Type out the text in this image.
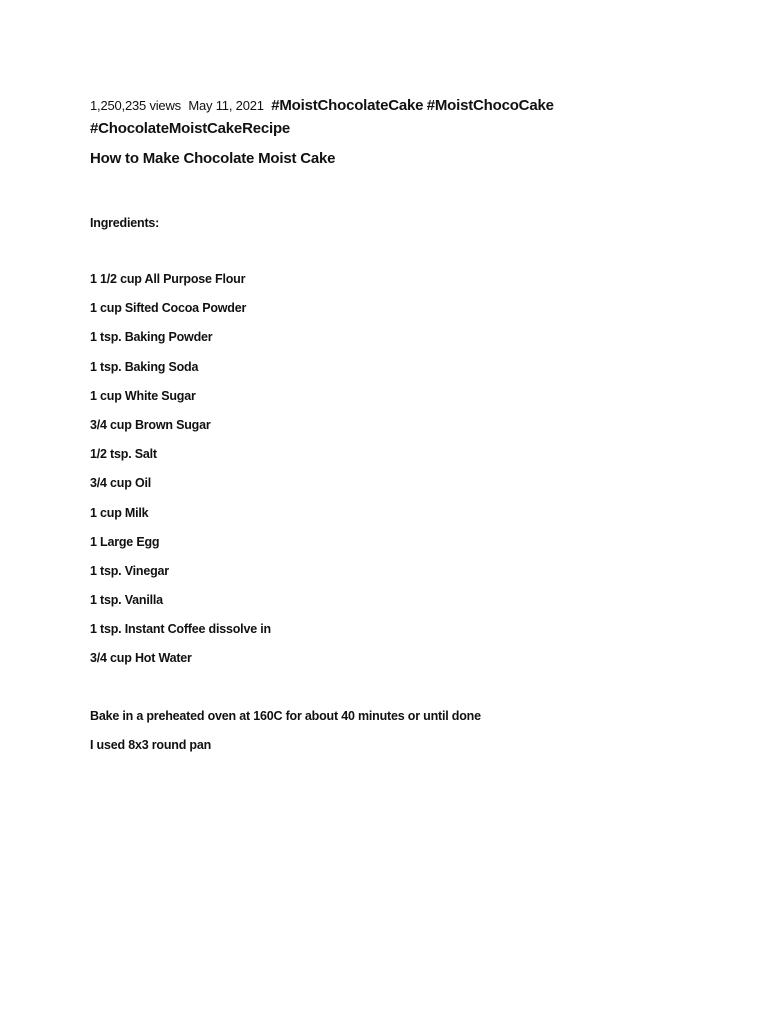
1,250,235 views May 11, 2021 #MoistChocolateCake #MoistChocoCake
#ChocolateMoistCakeRecipe
How to Make Chocolate Moist Cake
Ingredients:
1 1/2 cup All Purpose Flour
1 cup Sifted Cocoa Powder
1 tsp. Baking Powder
1 tsp. Baking Soda
1 cup White Sugar
3/4 cup Brown Sugar
1/2 tsp. Salt
3/4 cup Oil
1 cup Milk
1 Large Egg
1 tsp. Vinegar
1 tsp. Vanilla
1 tsp. Instant Coffee dissolve in
3/4 cup Hot Water

Bake in a preheated oven at 160C for about 40 minutes or until done

I used 8x3 round pan
